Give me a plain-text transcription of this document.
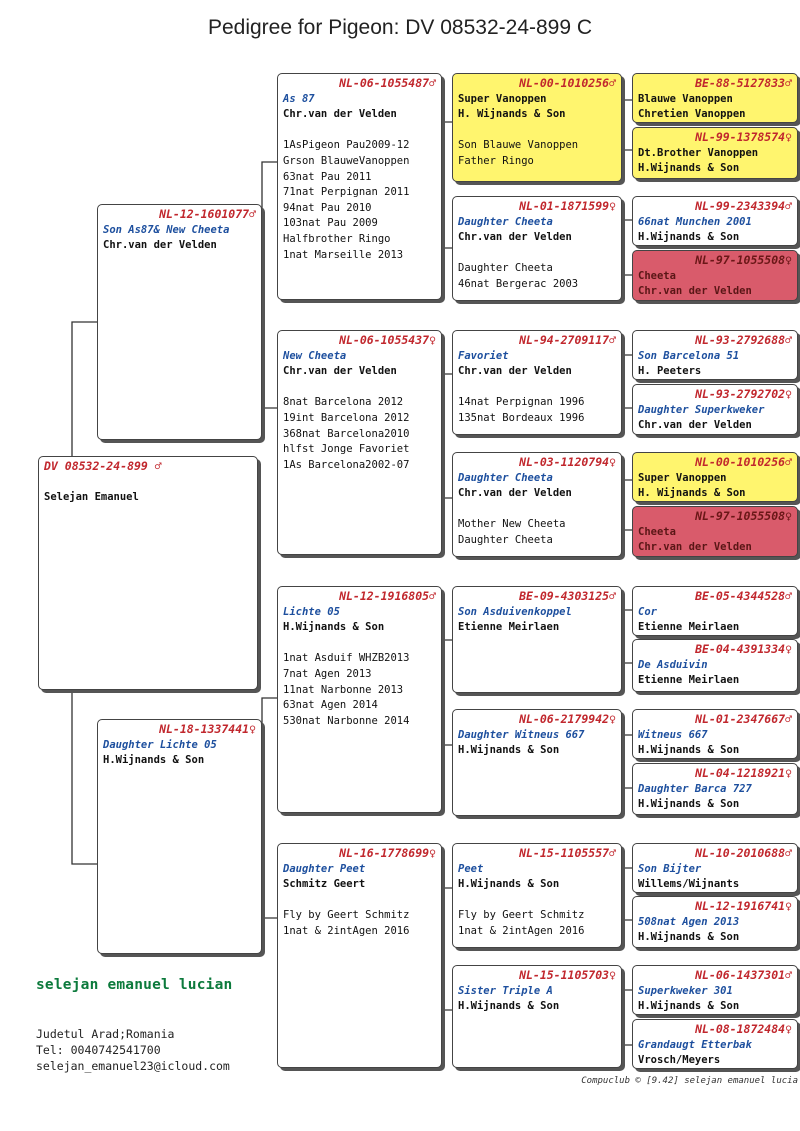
Pedigree for Pigeon: DV 08532-24-899 C
DV 08532-24-899 ♂
Selejan Emanuel
NL-12-1601077♂
Son As87& New Cheeta
Chr.van der Velden
NL-18-1337441♀
Daughter Lichte 05
H.Wijnands & Son
NL-06-1055487♂
As 87
Chr.van der Velden
1AsPigeon Pau2009-12
Grson BlauweVanoppen
63nat Pau 2011
71nat Perpignan 2011
94nat Pau 2010
103nat Pau 2009
Halfbrother Ringo
1nat Marseille 2013
NL-06-1055437♀
New Cheeta
Chr.van der Velden
8nat Barcelona 2012
19int Barcelona 2012
368nat Barcelona2010
hlfst Jonge Favoriet
1As Barcelona2002-07
NL-12-1916805♂
Lichte 05
H.Wijnands & Son
1nat Asduif WHZB2013
7nat Agen 2013
11nat Narbonne 2013
63nat Agen 2014
530nat Narbonne 2014
NL-16-1778699♀
Daughter Peet
Schmitz Geert
Fly by Geert Schmitz
1nat & 2intAgen 2016
NL-00-1010256♂
Super Vanoppen
H. Wijnands & Son
Son Blauwe Vanoppen
Father Ringo
NL-01-1871599♀
Daughter Cheeta
Chr.van der Velden
Daughter Cheeta
46nat Bergerac 2003
NL-94-2709117♂
Favoriet
Chr.van der Velden
14nat Perpignan 1996
135nat Bordeaux 1996
NL-03-1120794♀
Daughter Cheeta
Chr.van der Velden
Mother New Cheeta
Daughter Cheeta
BE-09-4303125♂
Son Asduivenkoppel
Etienne Meirlaen
NL-06-2179942♀
Daughter Witneus 667
H.Wijnands & Son
NL-15-1105557♂
Peet
H.Wijnands & Son
Fly by Geert Schmitz
1nat & 2intAgen 2016
NL-15-1105703♀
Sister Triple A
H.Wijnands & Son
BE-88-5127833♂
Blauwe Vanoppen
Chretien Vanoppen
NL-99-1378574♀
Dt.Brother Vanoppen
H.Wijnands & Son
NL-99-2343394♂
66nat Munchen 2001
H.Wijnands & Son
NL-97-1055508♀
Cheeta
Chr.van der Velden
NL-93-2792688♂
Son Barcelona 51
H. Peeters
NL-93-2792702♀
Daughter Superkweker
Chr.van der Velden
NL-00-1010256♂
Super Vanoppen
H. Wijnands & Son
NL-97-1055508♀
Cheeta
Chr.van der Velden
BE-05-4344528♂
Cor
Etienne Meirlaen
BE-04-4391334♀
De Asduivin
Etienne Meirlaen
NL-01-2347667♂
Witneus 667
H.Wijnands & Son
NL-04-1218921♀
Daughter Barca 727
H.Wijnands & Son
NL-10-2010688♂
Son Bijter
Willems/Wijnants
NL-12-1916741♀
508nat Agen 2013
H.Wijnands & Son
NL-06-1437301♂
Superkweker 301
H.Wijnands & Son
NL-08-1872484♀
Grandaugt Etterbak
Vrosch/Meyers
selejan emanuel lucian
Judetul Arad;Romania
Tel: 0040742541700
selejan_emanuel23@icloud.com
Compuclub © [9.42] selejan emanuel lucia
